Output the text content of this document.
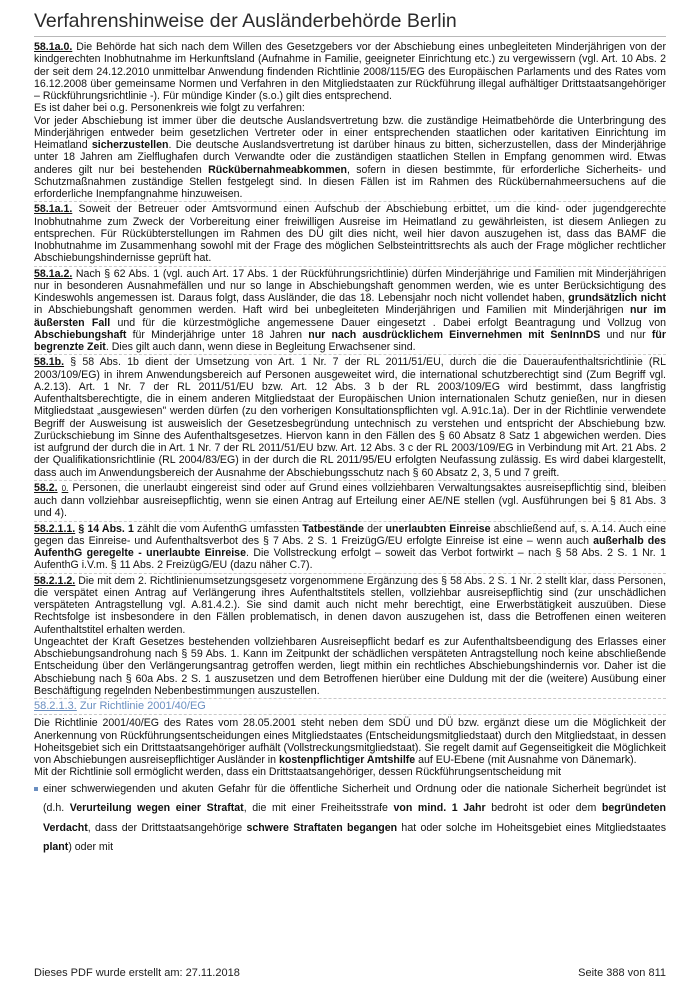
Verfahrenshinweise der Ausländerbehörde Berlin

58.1a.0. Die Behörde hat sich nach dem Willen des Gesetzgebers vor der Abschiebung eines unbegleiteten Minderjährigen von der kindgerechten Inobhutnahme im Herkunftsland (Aufnahme in Familie, geeigneter Einrichtung etc.) zu vergewissern (vgl. Art. 10 Abs. 2 der seit dem 24.12.2010 unmittelbar Anwendung findenden Richtlinie 2008/115/EG des Europäischen Parlaments und des Rates vom 16.12.2008 über gemeinsame Normen und Verfahren in den Mitgliedstaaten zur Rückführung illegal aufhältiger Drittstaatsangehöriger – Rückführungsrichtlinie -). Für mündige Kinder (s.o.) gilt dies entsprechend.

Es ist daher bei o.g. Personenkreis wie folgt zu verfahren:

Vor jeder Abschiebung ist immer über die deutsche Auslandsvertretung bzw. die zuständige Heimatbehörde die Unterbringung des Minderjährigen entweder beim gesetzlichen Vertreter oder in einer entsprechenden staatlichen oder karitativen Einrichtung im Heimatland sicherzustellen. Die deutsche Auslandsvertretung ist darüber hinaus zu bitten, sicherzustellen, dass der Minderjährige unter 18 Jahren am Zielflughafen durch Verwandte oder die zuständigen staatlichen Stellen in Empfang genommen wird. Etwas anderes gilt nur bei bestehenden Rückübernahmeabkommen, sofern in diesen bestimmte, für erforderliche Sicherheits- und Schutzmaßnahmen zuständige Stellen festgelegt sind. In diesen Fällen ist im Rahmen des Rückübernahmeersuchens auf die erforderliche Inempfangnahme hinzuweisen.

58.1a.1. Soweit der Betreuer oder Amtsvormund einen Aufschub der Abschiebung erbittet, um die kind- oder jugendgerechte Inobhutnahme zum Zweck der Vorbereitung einer freiwilligen Ausreise im Heimatland zu gewährleisten, ist diesem Anliegen zu entsprechen. Für Rückübterstellungen im Rahmen des DÜ gilt dies nicht, weil hier davon auszugehen ist, dass das BAMF die Inobhutnahme im Zusammenhang sowohl mit der Frage des möglichen Selbsteintrittsrechts als auch der Frage möglicher rechtlicher Abschiebungshindernisse geprüft hat.

58.1a.2. Nach § 62 Abs. 1 (vgl. auch Art. 17 Abs. 1 der Rückführungsrichtlinie) dürfen Minderjährige und Familien mit Minderjährigen nur in besonderen Ausnahmefällen und nur so lange in Abschiebungshaft genommen werden, wie es unter Berücksichtigung des Kindeswohls angemessen ist. Daraus folgt, dass Ausländer, die das 18. Lebensjahr noch nicht vollendet haben, grundsätzlich nicht in Abschiebungshaft genommen werden. Haft wird bei unbegleiteten Minderjährigen und Familien mit Minderjährigen nur im äußersten Fall und für die kürzestmögliche angemessene Dauer eingesetzt . Dabei erfolgt Beantragung und Vollzug von Abschiebungshaft für Minderjährige unter 18 Jahren nur nach ausdrücklichem Einvernehmen mit SenInnDS und nur für begrenzte Zeit. Dies gilt auch dann, wenn diese in Begleitung Erwachsener sind.

58.1b. § 58 Abs. 1b dient der Umsetzung von Art. 1 Nr. 7 der RL 2011/51/EU, durch die die Daueraufenthaltsrichtlinie (RL 2003/109/EG) in ihrem Anwendungsbereich auf Personen ausgeweitet wird, die international schutzberechtigt sind (Zum Begriff vgl. A.2.13). Art. 1 Nr. 7 der RL 2011/51/EU bzw. Art. 12 Abs. 3 b der RL 2003/109/EG wird bestimmt, dass langfristig Aufenthaltsberechtigte, die in einem anderen Mitgliedstaat der Europäischen Union internationalen Schutz genießen, nur in diesen Mitgliedstaat „ausgewiesen" werden dürfen (zu den vorherigen Konsultationspflichten vgl. A.91c.1a). Der in der Richtlinie verwendete Begriff der Ausweisung ist ausweislich der Gesetzesbegründung untechnisch zu verstehen und entspricht der Abschiebung bzw. Zurückschiebung im Sinne des Aufenthaltsgesetzes. Hiervon kann in den Fällen des § 60 Absatz 8 Satz 1 abgewichen werden. Dies ist aufgrund der durch die in Art. 1 Nr. 7 der RL 2011/51/EU bzw. Art. 12 Abs. 3 c der RL 2003/109/EG in Verbindung mit Art. 21 Abs. 2 der Qualifikationsrichtlinie (RL 2004/83/EG) in der durch die RL 2011/95/EU erfolgten Neufassung zulässig. Es wird dabei klargestellt, dass auch im Anwendungsbereich der Ausnahme der Abschiebungsschutz nach § 60 Absatz 2, 3, 5 und 7 greift.

58.2. 0. Personen, die unerlaubt eingereist sind oder auf Grund eines vollziehbaren Verwaltungsaktes ausreisepflichtig sind, bleiben auch dann vollziehbar ausreisepflichtig, wenn sie einen Antrag auf Erteilung einer AE/NE stellen (vgl. Ausführungen bei § 81 Abs. 3 und 4).

58.2.1.1. § 14 Abs. 1 zählt die vom AufenthG umfassten Tatbestände der unerlaubten Einreise abschließend auf, s. A.14. Auch eine gegen das Einreise- und Aufenthaltsverbot des § 7 Abs. 2 S. 1 FreizügG/EU erfolgte Einreise ist eine – wenn auch außerhalb des AufenthG geregelte - unerlaubte Einreise. Die Vollstreckung erfolgt – soweit das Verbot fortwirkt – nach § 58 Abs. 2 S. 1 Nr. 1 AufenthG i.V.m. § 11 Abs. 2 FreizügG/EU (dazu näher C.7).

58.2.1.2. Die mit dem 2. Richtlinienumsetzungsgesetz vorgenommene Ergänzung des § 58 Abs. 2 S. 1 Nr. 2 stellt klar, dass Personen, die verspätet einen Antrag auf Verlängerung ihres Aufenthaltstitels stellen, vollziehbar ausreisepflichtig sind (zur unschädlichen verspäteten Antragstellung vgl. A.81.4.2.). Sie sind damit auch nicht mehr berechtigt, eine Erwerbstätigkeit auszuüben. Diese Rechtsfolge ist insbesondere in den Fällen problematisch, in denen davon auszugehen ist, dass die Betroffenen einen weiteren Aufenthaltstitel erhalten werden.

Ungeachtet der Kraft Gesetzes bestehenden vollziehbaren Ausreisepflicht bedarf es zur Aufenthaltsbeendigung des Erlasses einer Abschiebungsandrohung nach § 59 Abs. 1. Kann im Zeitpunkt der schädlichen verspäteten Antragstellung noch keine abschließende Entscheidung über den Verlängerungsantrag getroffen werden, liegt mithin ein rechtliches Abschiebungshindernis vor. Daher ist die Abschiebung nach § 60a Abs. 2 S. 1 auszusetzen und dem Betroffenen hierüber eine Duldung mit der die (weitere) Ausübung einer Beschäftigung regelnden Nebenbestimmungen auszustellen.

58.2.1.3. Zur Richtlinie 2001/40/EG

Die Richtlinie 2001/40/EG des Rates vom 28.05.2001 steht neben dem SDÜ und DÜ bzw. ergänzt diese um die Möglichkeit der Anerkennung von Rückführungsentscheidungen eines Mitgliedstaates (Entscheidungsmitgliedstaat) durch den Mitgliedstaat, in dessen Hoheitsgebiet sich ein Drittstaatsangehöriger aufhält (Vollstreckungsmitgliedstaat). Sie regelt damit auf Gegenseitigkeit die Möglichkeit von Abschiebungen ausreisepflichtiger Ausländer in kostenpflichtiger Amtshilfe auf EU-Ebene (mit Ausnahme von Dänemark).

Mit der Richtlinie soll ermöglicht werden, dass ein Drittstaatsangehöriger, dessen Rückführungsentscheidung mit

einer schwerwiegenden und akuten Gefahr für die öffentliche Sicherheit und Ordnung oder die nationale Sicherheit begründet ist (d.h. Verurteilung wegen einer Straftat, die mit einer Freiheitsstrafe von mind. 1 Jahr bedroht ist oder dem begründeten Verdacht, dass der Drittstaatsangehörige schwere Straftaten begangen hat oder solche im Hoheitsgebiet eines Mitgliedstaates plant) oder mit
Dieses PDF wurde erstellt am: 27.11.2018	Seite 388 von 811
